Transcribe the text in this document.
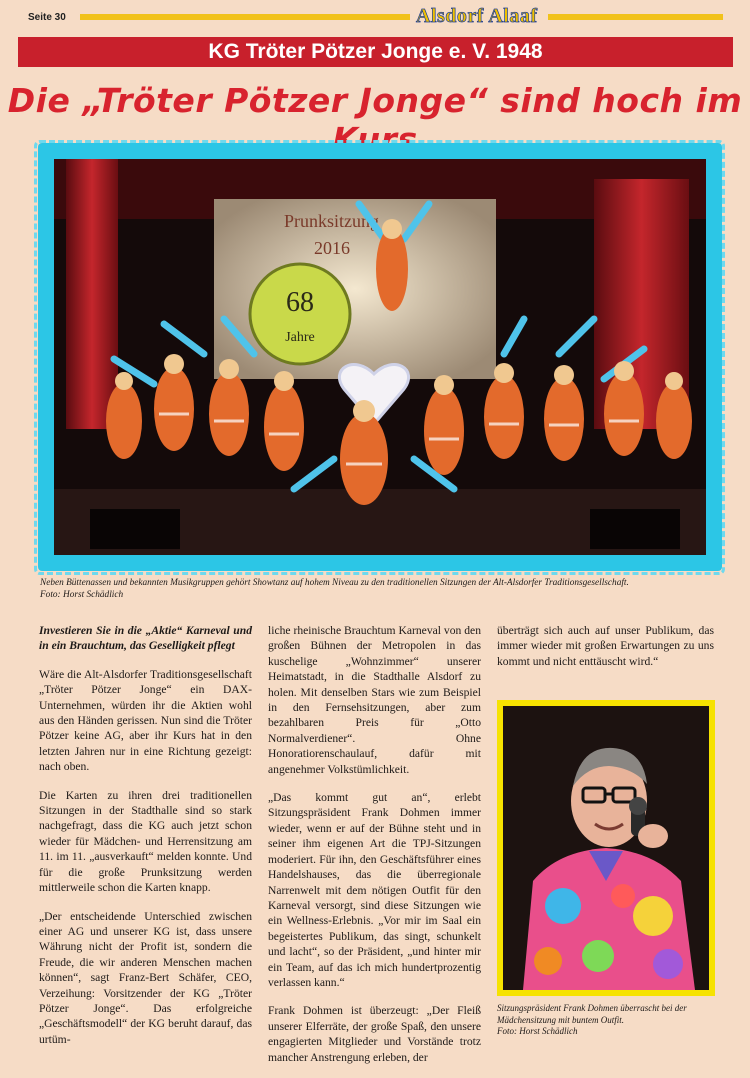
Seite 30	Alsdorf Alaaf
KG Tröter Pötzer Jonge e. V. 1948
Die „Tröter Pötzer Jonge“ sind hoch im
Prunksitzung
2016
68
Jahre
Neben Büttenassen und bekannten Musikgruppen gehört Showtanz auf hohem Niveau zu den traditionellen Sitzungen der Alt-Alsdorfer Traditionsgesellschaft.
Foto: Horst Schädlich

Investieren Sie in die „Aktie“ Karneval und in ein Brauchtum, das Geselligkeit pflegt

Wäre die Alt-Alsdorfer Traditionsgesellschaft „Tröter Pötzer Jonge“ ein DAX-Unternehmen, würden ihr die Aktien wohl aus den Händen gerissen. Nun sind die Tröter Pötzer keine AG, aber ihr Kurs hat in den letzten Jahren nur in eine Richtung gezeigt: nach oben.

Die Karten zu ihren drei traditionellen Sitzungen in der Stadthalle sind so stark nachgefragt, dass die KG auch jetzt schon wieder für Mädchen- und Herrensitzung am 11. im 11. „ausverkauft“ melden konnte. Und für die große Prunksitzung werden mittlerweile schon die Karten knapp.

„Der entscheidende Unterschied zwischen einer AG und unserer KG ist, dass unsere Währung nicht der Profit ist, sondern die Freude, die wir anderen Menschen machen können“, sagt Franz-Bert Schäfer, CEO, Verzeihung: Vorsitzender der KG „Tröter Pötzer Jonge“. Das erfolgreiche „Geschäftsmodell“ der KG beruht darauf, das urtüm-

liche rheinische Brauchtum Karneval von den großen Bühnen der Metropolen in das kuschelige „Wohnzimmer“ unserer Heimatstadt, in die Stadthalle Alsdorf zu holen. Mit denselben Stars wie zum Beispiel in den Fernsehsitzungen, aber zum bezahlbaren Preis für „Otto Normalverdiener“. Ohne Honoratiorenschaulauf, dafür mit angenehmer Volkstümlichkeit.

„Das kommt gut an“, erlebt Sitzungspräsident Frank Dohmen immer wieder, wenn er auf der Bühne steht und in seiner ihm eigenen Art die TPJ-Sitzungen moderiert. Für ihn, den Geschäftsführer eines Handelshauses, das die überregionale Narrenwelt mit dem nötigen Outfit für den Karneval versorgt, sind diese Sitzungen wie ein Wellness-Erlebnis. „Vor mir im Saal ein begeistertes Publikum, das singt, schunkelt und lacht“, so der Präsident, „und hinter mir ein Team, auf das ich mich hundertprozentig verlassen kann.“

Frank Dohmen ist überzeugt: „Der Fleiß unserer Elferräte, der große Spaß, den unsere engagierten Mitglieder und Vorstände trotz mancher Anstrengung erleben, der

überträgt sich auch auf unser Publikum, das immer wieder mit großen Erwartungen zu uns kommt und nicht enttäuscht wird.“

Sitzungspräsident Frank Dohmen überrascht bei der Mädchensitzung mit buntem Outfit.
Foto: Horst Schädlich
